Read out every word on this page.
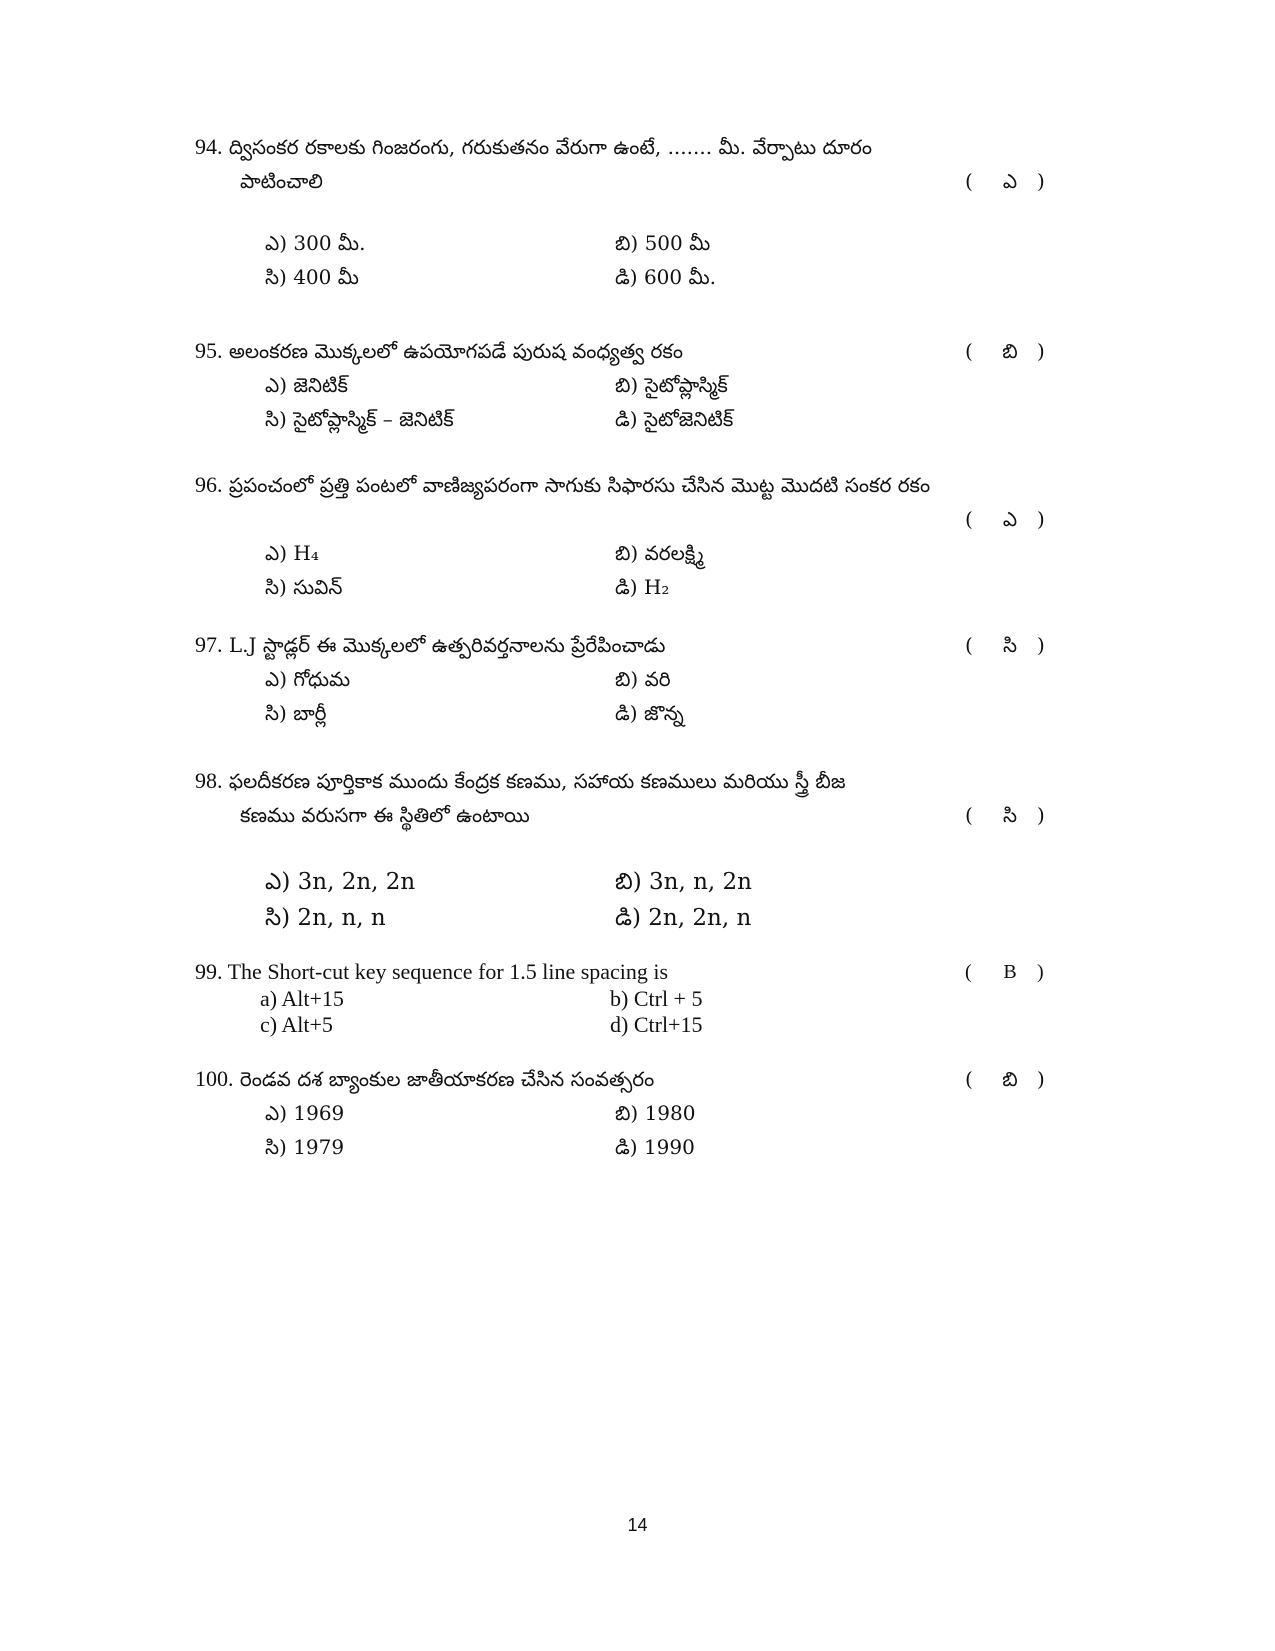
94. ద్విసంకర రకాలకు గింజరంగు, గరుకుతనం వేరుగా ఉంటే, ....... మీ. వేర్పాటు దూరం
పాటించాలి	(	ఎ )
ఎ) 300 మీ.	బి) 500 మీ
సి) 400 మీ	డి) 600 మీ.
95. అలంకరణ మొక్కలలో ఉపయోగపడే పురుష వంధ్యత్వ రకం	(	బి )
ఎ) జెనిటిక్	బి) సైటోప్లాస్మిక్
సి) సైటోప్లాస్మిక్ – జెనిటిక్	డి) సైటోజెనిటిక్
96. ప్రపంచంలో ప్రత్తి పంటలో వాణిజ్యపరంగా సాగుకు సిఫారసు చేసిన మొట్ట మొదటి సంకర రకం
(	ఎ )
ఎ) H₄	బి) వరలక్ష్మి
సి) సువిన్	డి) H₂
97. L.J స్టాడ్లర్ ఈ మొక్కలలో ఉత్పరివర్తనాలను ప్రేరేపించాడు	(	సి )
ఎ) గోధుమ	బి) వరి
సి) బార్లీ	డి) జొన్న
98. ఫలదీకరణ పూర్తికాక ముందు కేంద్రక కణము, సహాయ కణములు మరియు స్త్రీ బీజ
కణము వరుసగా ఈ స్థితిలో ఉంటాయి	(	సి )
ఎ) 3n, 2n, 2n	బి) 3n, n, 2n
సి) 2n, n, n	డి) 2n, 2n, n
99. The Short-cut key sequence for 1.5 line spacing is	(	B	)
a) Alt+15	b) Ctrl + 5
c) Alt+5	d) Ctrl+15
100. రెండవ దశ బ్యాంకుల జాతీయాకరణ చేసిన సంవత్సరం	(	బి )
ఎ) 1969	బి) 1980
సి) 1979	డి) 1990
14
